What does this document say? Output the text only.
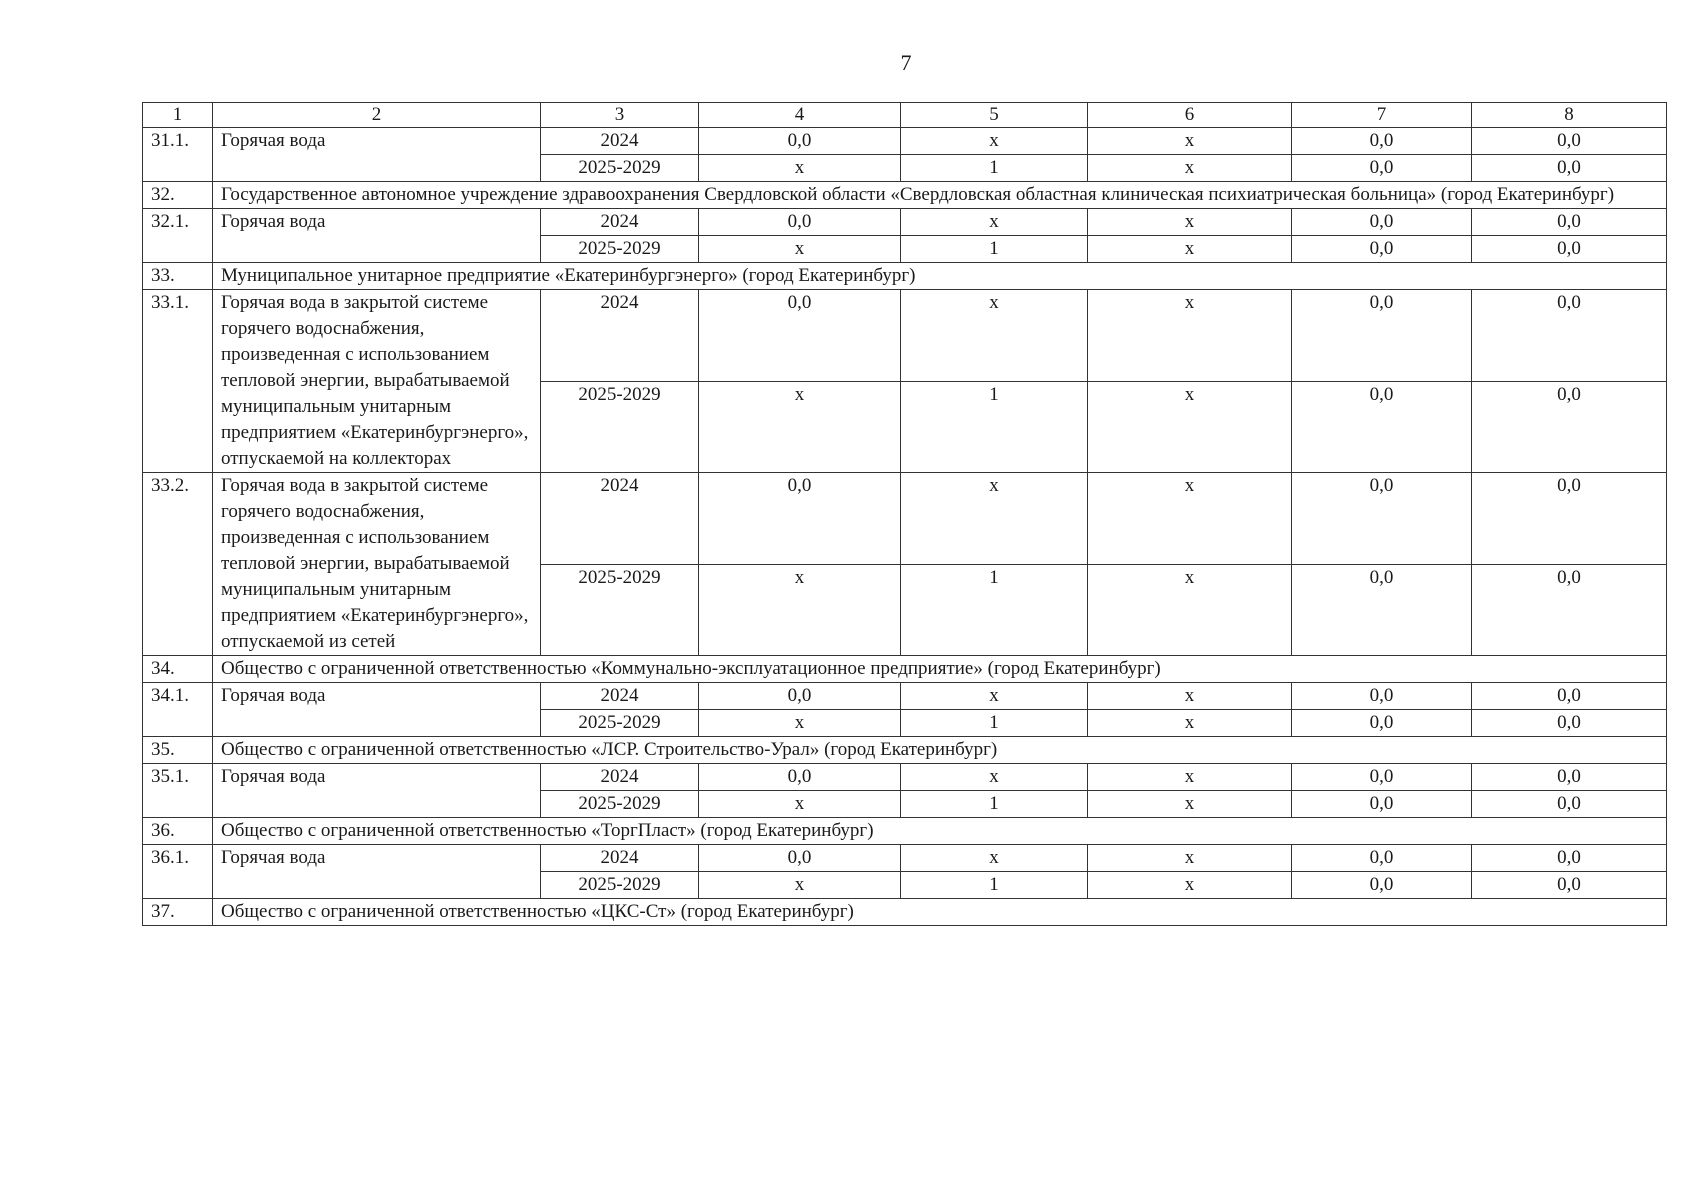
7
1	2	3	4	5	6	7	8
31.1.	Горячая вода	2024	0,0	x	x	0,0	0,0
		2025-2029	x	1	x	0,0	0,0
32.	Государственное автономное учреждение здравоохранения Свердловской области «Свердловская областная клиническая психиатрическая больница» (город Екатеринбург)						
32.1.	Горячая вода	2024	0,0	x	x	0,0	0,0
		2025-2029	x	1	x	0,0	0,0
33.	Муниципальное унитарное предприятие «Екатеринбургэнерго» (город Екатеринбург)						
33.1.	Горячая вода в закрытой системе горячего водоснабжения, произведенная с использованием тепловой энергии, вырабатываемой муниципальным унитарным предприятием «Екатеринбургэнерго», отпускаемой на коллекторах	2024	0,0	x	x	0,0	0,0
		2025-2029	x	1	x	0,0	0,0
33.2.	Горячая вода в закрытой системе горячего водоснабжения, произведенная с использованием тепловой энергии, вырабатываемой муниципальным унитарным предприятием «Екатеринбургэнерго», отпускаемой из сетей	2024	0,0	x	x	0,0	0,0
		2025-2029	x	1	x	0,0	0,0
34.	Общество с ограниченной ответственностью «Коммунально-эксплуатационное предприятие» (город Екатеринбург)						
34.1.	Горячая вода	2024	0,0	x	x	0,0	0,0
		2025-2029	x	1	x	0,0	0,0
35.	Общество с ограниченной ответственностью «ЛСР. Строительство-Урал» (город Екатеринбург)						
35.1.	Горячая вода	2024	0,0	x	x	0,0	0,0
		2025-2029	x	1	x	0,0	0,0
36.	Общество с ограниченной ответственностью «ТоргПласт» (город Екатеринбург)						
36.1.	Горячая вода	2024	0,0	x	x	0,0	0,0
		2025-2029	x	1	x	0,0	0,0
37.	Общество с ограниченной ответственностью «ЦКС-Ст» (город Екатеринбург)						
